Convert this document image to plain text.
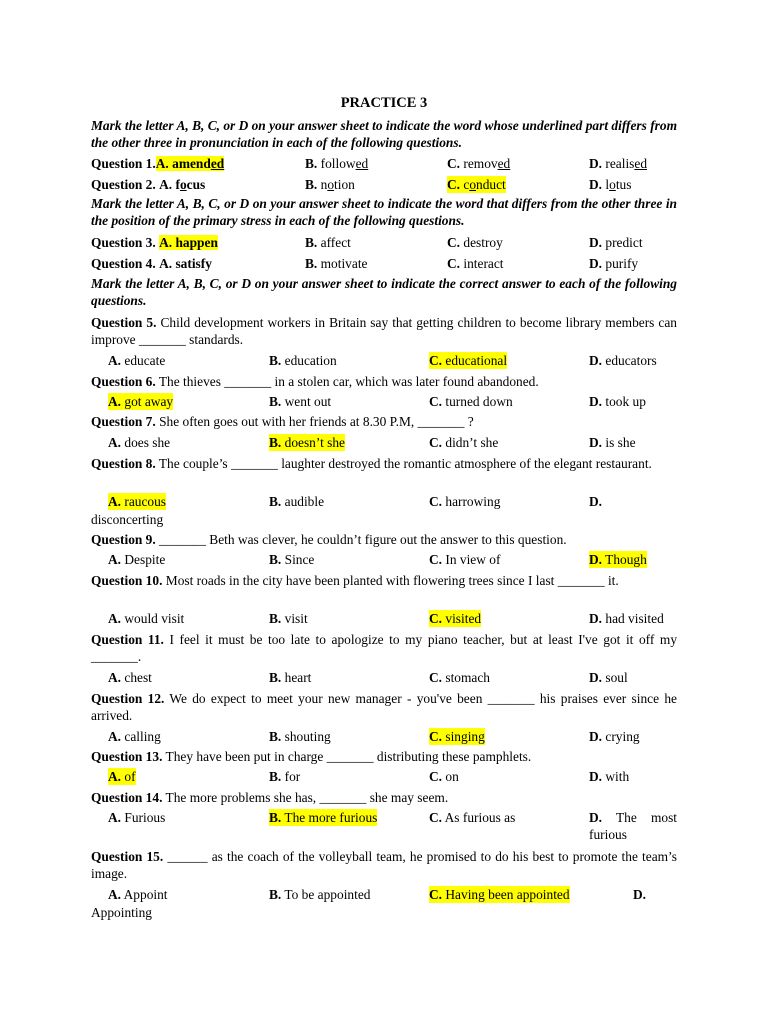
PRACTICE 3
Mark the letter A, B, C, or D on your answer sheet to indicate the word whose underlined part differs from the other three in pronunciation in each of the following questions.
Question 1.A. amended	B. followed	C. removed	D. realised
Question 2. A. focus	B. notion	C. conduct	D. lotus
Mark the letter A, B, C, or D on your answer sheet to indicate the word that differs from the other three in the position of the primary stress in each of the following questions.
Question 3. A. happen	B. affect	C. destroy	D. predict
Question 4. A. satisfy	B. motivate	C. interact	D. purify
Mark the letter A, B, C, or D on your answer sheet to indicate the correct answer to each of the following questions.
Question 5. Child development workers in Britain say that getting children to become library members can improve _______ standards.
A. educate	B. education	C. educational	D. educators
Question 6. The thieves _______ in a stolen car, which was later found abandoned.
A. got away	B. went out	C. turned down	D. took up
Question 7. She often goes out with her friends at 8.30 P.M, _______ ?
A. does she	B. doesn’t she	C. didn’t she	D. is she
Question 8. The couple’s _______ laughter destroyed the romantic atmosphere of the elegant restaurant.
A. raucous	B. audible	C. harrowing	D.
disconcerting
Question 9. _______ Beth was clever, he couldn’t figure out the answer to this question.
A. Despite	B. Since	C. In view of	D. Though
Question 10. Most roads in the city have been planted with flowering trees since I last _______ it.
A. would visit	B. visit	C. visited	D. had visited
Question 11. I feel it must be too late to apologize to my piano teacher, but at least I've got it off my _______.
A. chest	B. heart	C. stomach	D. soul
Question 12. We do expect to meet your new manager - you've been _______ his praises ever since he arrived.
A. calling	B. shouting	C. singing	D. crying
Question 13. They have been put in charge _______ distributing these pamphlets.
A. of	B. for	C. on	D. with
Question 14. The more problems she has, _______ she may seem.
A. Furious	B. The more furious	C. As furious as	D. The most furious
Question 15. ______ as the coach of the volleyball team, he promised to do his best to promote the team’s image.
A. Appoint	B. To be appointed	C. Having been appointed	D.
Appointing
